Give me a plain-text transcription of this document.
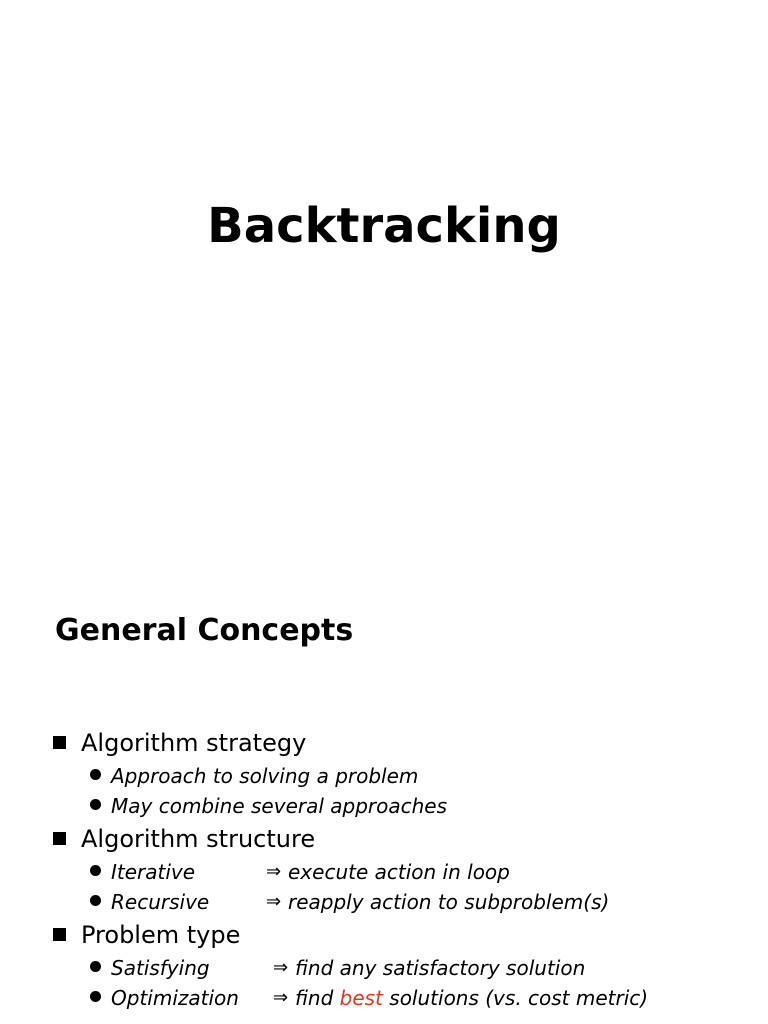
Backtracking
General Concepts
Algorithm strategy
Approach to solving a problem
May combine several approaches
Algorithm structure
Iterative	⇒ execute action in loop
Recursive	⇒ reapply action to subproblem(s)
Problem type
Satisfying	⇒ find any satisfactory solution
Optimization ⇒ find best solutions (vs. cost metric)
